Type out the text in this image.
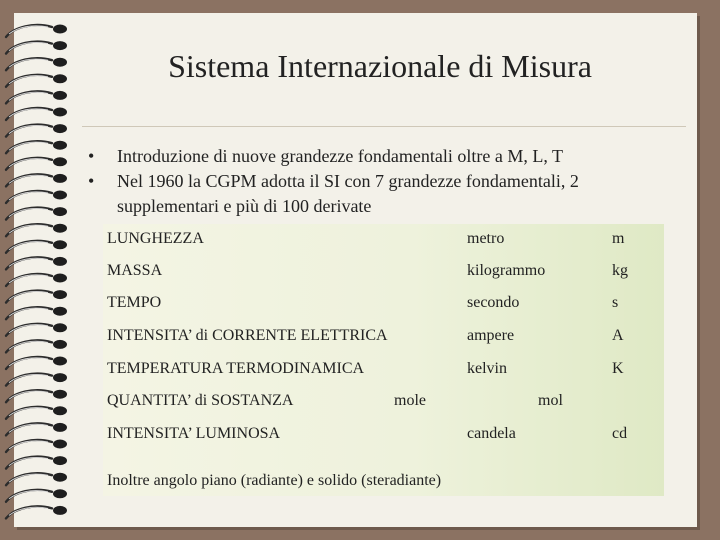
Sistema Internazionale di Misura
• Introduzione di nuove grandezze fondamentali oltre a M, L, T
• Nel 1960 la CGPM adotta il SI con 7 grandezze fondamentali, 2 supplementari e più di 100 derivate
LUNGHEZZA	metro	m
MASSA	kilogrammo	kg
TEMPO	secondo	s
INTENSITA’ di CORRENTE ELETTRICA	ampere	A
TEMPERATURA TERMODINAMICA	kelvin	K
QUANTITA’ di SOSTANZA	mole	mol
INTENSITA’ LUMINOSA	candela	cd
Inoltre angolo piano (radiante) e solido (steradiante)
